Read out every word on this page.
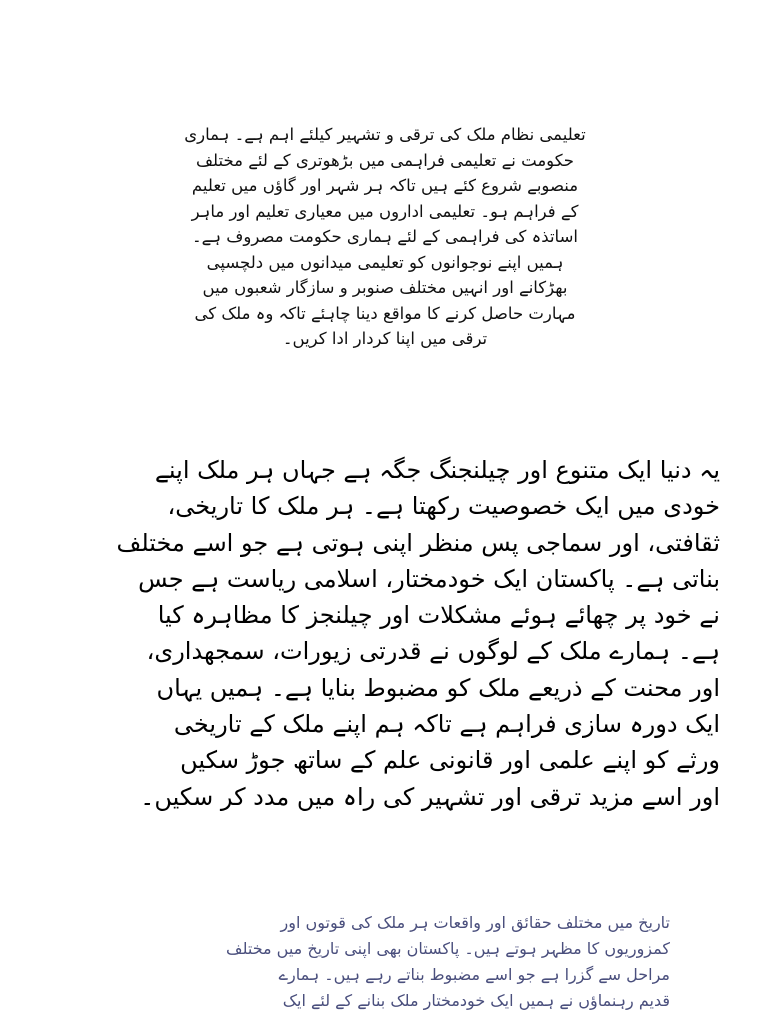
تعلیمی نظام ملک کی ترقی و تشہیر کیلئے اہم ہے۔ ہماری
حکومت نے تعلیمی فراہمی میں بڑھوتری کے لئے مختلف
منصوبے شروع کئے ہیں تاکہ ہر شہر اور گاؤں میں تعلیم
کے فراہم ہو۔ تعلیمی اداروں میں معیاری تعلیم اور ماہر
اساتذہ کی فراہمی کے لئے ہماری حکومت مصروف ہے۔
ہمیں اپنے نوجوانوں کو تعلیمی میدانوں میں دلچسپی
بھڑکانے اور انہیں مختلف صنوبر و سازگار شعبوں میں
مہارت حاصل کرنے کا مواقع دینا چاہئے تاکہ وہ ملک کی
ترقی میں اپنا کردار ادا کریں۔

یہ دنیا ایک متنوع اور چیلنجنگ جگہ ہے جہاں ہر ملک اپنے
خودی میں ایک خصوصیت رکھتا ہے۔ ہر ملک کا تاریخی،
ثقافتی، اور سماجی پس منظر اپنی ہوتی ہے جو اسے مختلف
بناتی ہے۔ پاکستان ایک خودمختار، اسلامی ریاست ہے جس
نے خود پر چھائے ہوئے مشکلات اور چیلنجز کا مظاہرہ کیا
ہے۔ ہمارے ملک کے لوگوں نے قدرتی زیورات، سمجھداری،
اور محنت کے ذریعے ملک کو مضبوط بنایا ہے۔ ہمیں یہاں
ایک دورہ سازی فراہم ہے تاکہ ہم اپنے ملک کے تاریخی
ورثے کو اپنے علمی اور قانونی علم کے ساتھ جوڑ سکیں
اور اسے مزید ترقی اور تشہیر کی راہ میں مدد کر سکیں۔

تاریخ میں مختلف حقائق اور واقعات ہر ملک کی قوتوں اور
کمزوریوں کا مظہر ہوتے ہیں۔ پاکستان بھی اپنی تاریخ میں مختلف
مراحل سے گزرا ہے جو اسے مضبوط بناتے رہے ہیں۔ ہمارے
قدیم رہنماؤں نے ہمیں ایک خودمختار ملک بنانے کے لئے ایک
